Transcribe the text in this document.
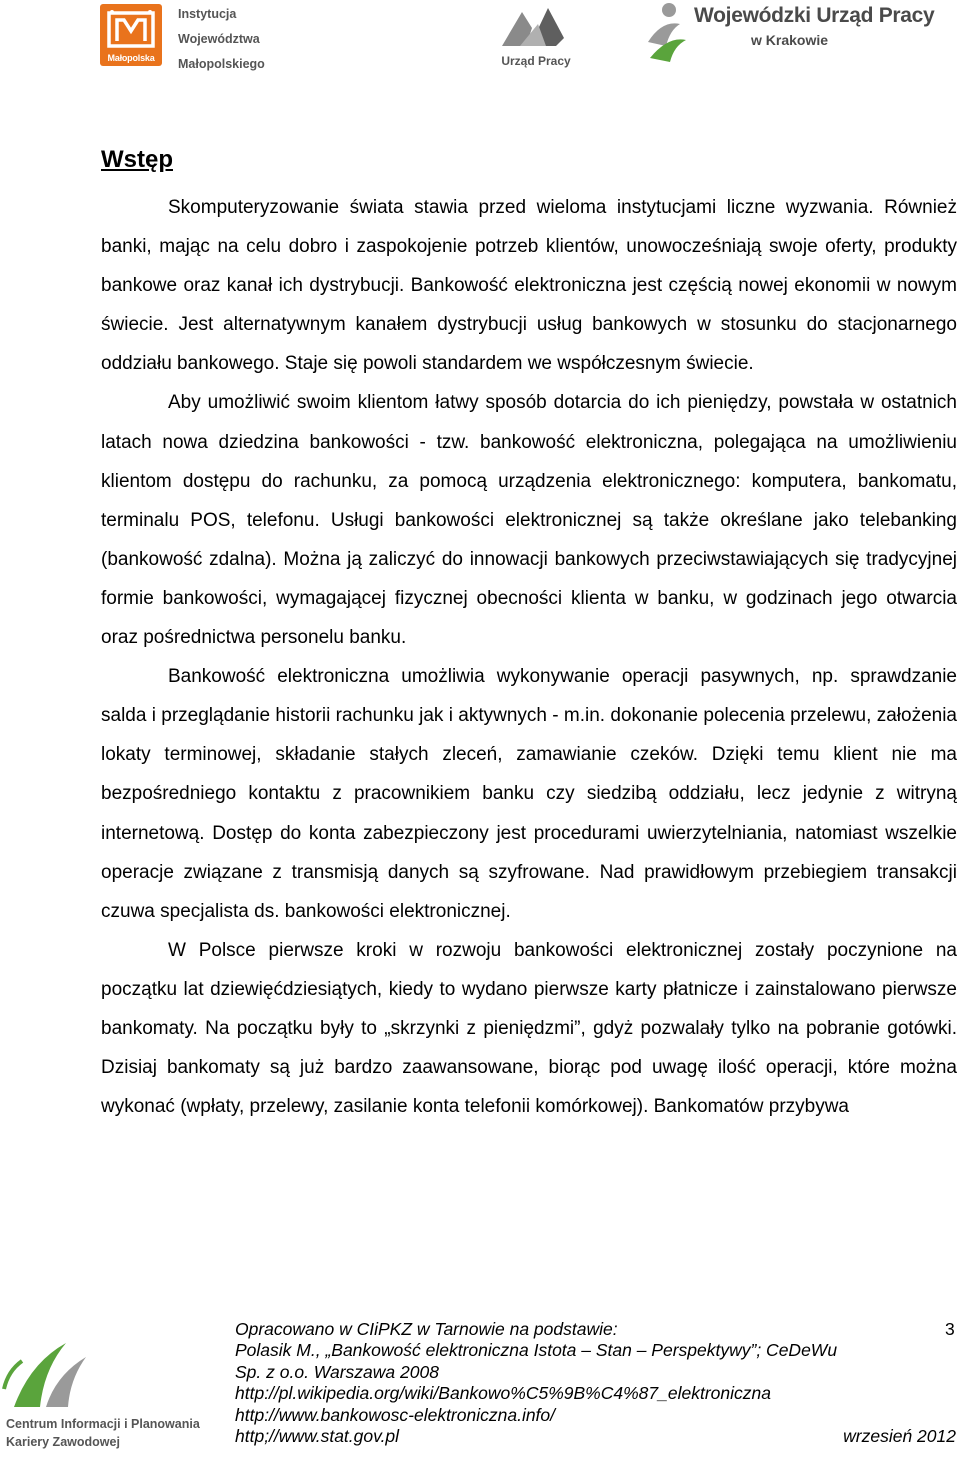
Małopolska
Instytucja
Województwa
Małopolskiego	Urząd Pracy
Wojewódzki Urząd Pracy
w Krakowie
Wstęp

Skomputeryzowanie świata stawia przed wieloma instytucjami liczne wyzwania. Również banki, mając na celu dobro i zaspokojenie potrzeb klientów, unowocześniają swoje oferty, produkty bankowe oraz kanał ich dystrybucji. Bankowość elektroniczna jest częścią nowej ekonomii w nowym świecie. Jest alternatywnym kanałem dystrybucji usług bankowych w stosunku do stacjonarnego oddziału bankowego. Staje się powoli standardem we współczesnym świecie.

Aby umożliwić swoim klientom łatwy sposób dotarcia do ich pieniędzy, powstała w ostatnich latach nowa dziedzina bankowości - tzw. bankowość elektroniczna, polegająca na umożliwieniu klientom dostępu do rachunku, za pomocą urządzenia elektronicznego: komputera, bankomatu, terminalu POS, telefonu. Usługi bankowości elektronicznej są także określane jako telebanking (bankowość zdalna). Można ją zaliczyć do innowacji bankowych przeciwstawiających się tradycyjnej formie bankowości, wymagającej fizycznej obecności klienta w banku, w godzinach jego otwarcia oraz pośrednictwa personelu banku.

Bankowość elektroniczna umożliwia wykonywanie operacji pasywnych, np. sprawdzanie salda i przeglądanie historii rachunku jak i aktywnych - m.in. dokonanie polecenia przelewu, założenia lokaty terminowej, składanie stałych zleceń, zamawianie czeków. Dzięki temu klient nie ma bezpośredniego kontaktu z pracownikiem banku czy siedzibą oddziału, lecz jedynie z witryną internetową. Dostęp do konta zabezpieczony jest procedurami uwierzytelniania, natomiast wszelkie operacje związane z transmisją danych są szyfrowane. Nad prawidłowym przebiegiem transakcji czuwa specjalista ds. bankowości elektronicznej.

W Polsce pierwsze kroki w rozwoju bankowości elektronicznej zostały poczynione na początku lat dziewięćdziesiątych, kiedy to wydano pierwsze karty płatnicze i zainstalowano pierwsze bankomaty. Na początku były to „skrzynki z pieniędzmi”, gdyż pozwalały tylko na pobranie gotówki. Dzisiaj bankomaty są już bardzo zaawansowane, biorąc pod uwagę ilość operacji, które można wykonać (wpłaty, przelewy, zasilanie konta telefonii komórkowej). Bankomatów przybywa

Centrum Informacji i Planowania
Kariery Zawodowej
Opracowano w CIiPKZ w Tarnowie na podstawie:
Polasik M., „Bankowość elektroniczna Istota – Stan – Perspektywy”; CeDeWu
Sp. z o.o. Warszawa 2008
http://pl.wikipedia.org/wiki/Bankowo%C5%9B%C4%87_elektroniczna
http://www.bankowosc-elektroniczna.info/
http;//www.stat.gov.pl
3
wrzesień 2012
